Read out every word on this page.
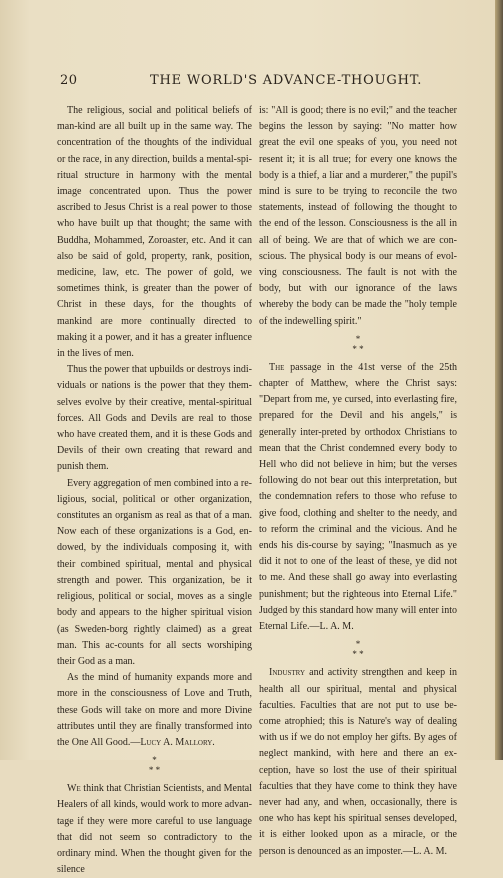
20	THE WORLD'S ADVANCE-THOUGHT.

The religious, social and political beliefs of man-kind are all built up in the same way. The concentration of the thoughts of the individual or the race, in any direction, builds a mental-spi-ritual structure in harmony with the mental image concentrated upon. Thus the power ascribed to Jesus Christ is a real power to those who have built up that thought; the same with Buddha, Mohammed, Zoroaster, etc. And it can also be said of gold, property, rank, position, medicine, law, etc. The power of gold, we sometimes think, is greater than the power of Christ in these days, for the thoughts of mankind are more continually directed to making it a power, and it has a greater influence in the lives of men.

Thus the power that upbuilds or destroys indi-viduals or nations is the power that they them-selves evolve by their creative, mental-spiritual forces. All Gods and Devils are real to those who have created them, and it is these Gods and Devils of their own creating that reward and punish them.

Every aggregation of men combined into a re-ligious, social, political or other organization, constitutes an organism as real as that of a man. Now each of these organizations is a God, en-dowed, by the individuals composing it, with their combined spiritual, mental and physical strength and power. This organization, be it religious, political or social, moves as a single body and appears to the higher spiritual vision (as Sweden-borg rightly claimed) as a great man. This ac-counts for all sects worshiping their God as a man.

As the mind of humanity expands more and more in the consciousness of Love and Truth, these Gods will take on more and more Divine attributes until they are finally transformed into the One All Good.—Lucy A. Mallory.

*
* *

We think that Christian Scientists, and Mental Healers of all kinds, would work to more advan-tage if they were more careful to use language that did not seem so contradictory to the ordinary mind. When the thought given for the silence

is: "All is good; there is no evil;" and the teacher begins the lesson by saying: "No matter how great the evil one speaks of you, you need not resent it; it is all true; for every one knows the body is a thief, a liar and a murderer," the pupil's mind is sure to be trying to reconcile the two statements, instead of following the thought to the end of the lesson. Consciousness is the all in all of being. We are that of which we are con-scious. The physical body is our means of evol-ving consciousness. The fault is not with the body, but with our ignorance of the laws whereby the body can be made the "holy temple of the indewelling spirit."

*
* *

The passage in the 41st verse of the 25th chapter of Matthew, where the Christ says: "Depart from me, ye cursed, into everlasting fire, prepared for the Devil and his angels," is generally inter-preted by orthodox Christians to mean that the Christ condemned every body to Hell who did not believe in him; but the verses following do not bear out this interpretation, but the condemnation refers to those who refuse to give food, clothing and shelter to the needy, and to reform the criminal and the vicious. And he ends his dis-course by saying; "Inasmuch as ye did it not to one of the least of these, ye did not to me. And these shall go away into everlasting punishment; but the righteous into Eternal Life." Judged by this standard how many will enter into Eternal Life.—L. A. M.

*
* *

Industry and activity strengthen and keep in health all our spiritual, mental and physical faculties. Faculties that are not put to use be-come atrophied; this is Nature's way of dealing with us if we do not employ her gifts. By ages of neglect mankind, with here and there an ex-ception, have so lost the use of their spiritual faculties that they have come to think they have never had any, and when, occasionally, there is one who has kept his spiritual senses developed, it is either looked upon as a miracle, or the person is denounced as an imposter.—L. A. M.
